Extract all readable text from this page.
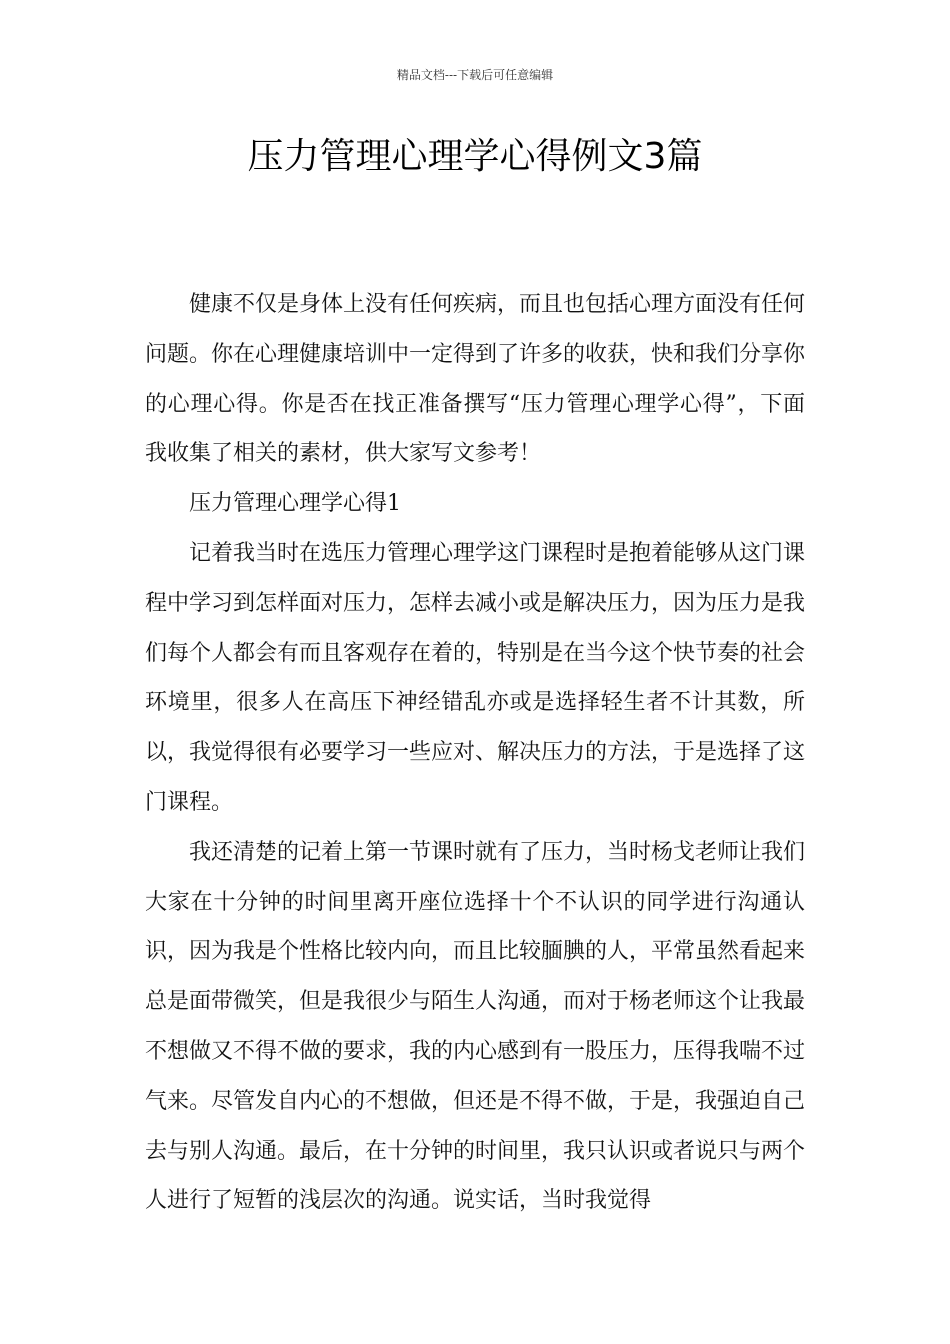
精品文档---下载后可任意编辑
压力管理心理学心得例文3篇

健康不仅是身体上没有任何疾病，而且也包括心理方面没有任何问题。你在心理健康培训中一定得到了许多的收获，快和我们分享你的心理心得。你是否在找正准备撰写“压力管理心理学心得”，下面我收集了相关的素材，供大家写文参考！

压力管理心理学心得1

记着我当时在选压力管理心理学这门课程时是抱着能够从这门课程中学习到怎样面对压力，怎样去减小或是解决压力，因为压力是我们每个人都会有而且客观存在着的，特别是在当今这个快节奏的社会环境里，很多人在高压下神经错乱亦或是选择轻生者不计其数，所以，我觉得很有必要学习一些应对、解决压力的方法，于是选择了这门课程。

我还清楚的记着上第一节课时就有了压力，当时杨戈老师让我们大家在十分钟的时间里离开座位选择十个不认识的同学进行沟通认识，因为我是个性格比较内向，而且比较腼腆的人，平常虽然看起来总是面带微笑，但是我很少与陌生人沟通，而对于杨老师这个让我最不想做又不得不做的要求，我的内心感到有一股压力，压得我喘不过气来。尽管发自内心的不想做，但还是不得不做，于是，我强迫自己去与别人沟通。最后，在十分钟的时间里，我只认识或者说只与两个人进行了短暂的浅层次的沟通。说实话，当时我觉得
